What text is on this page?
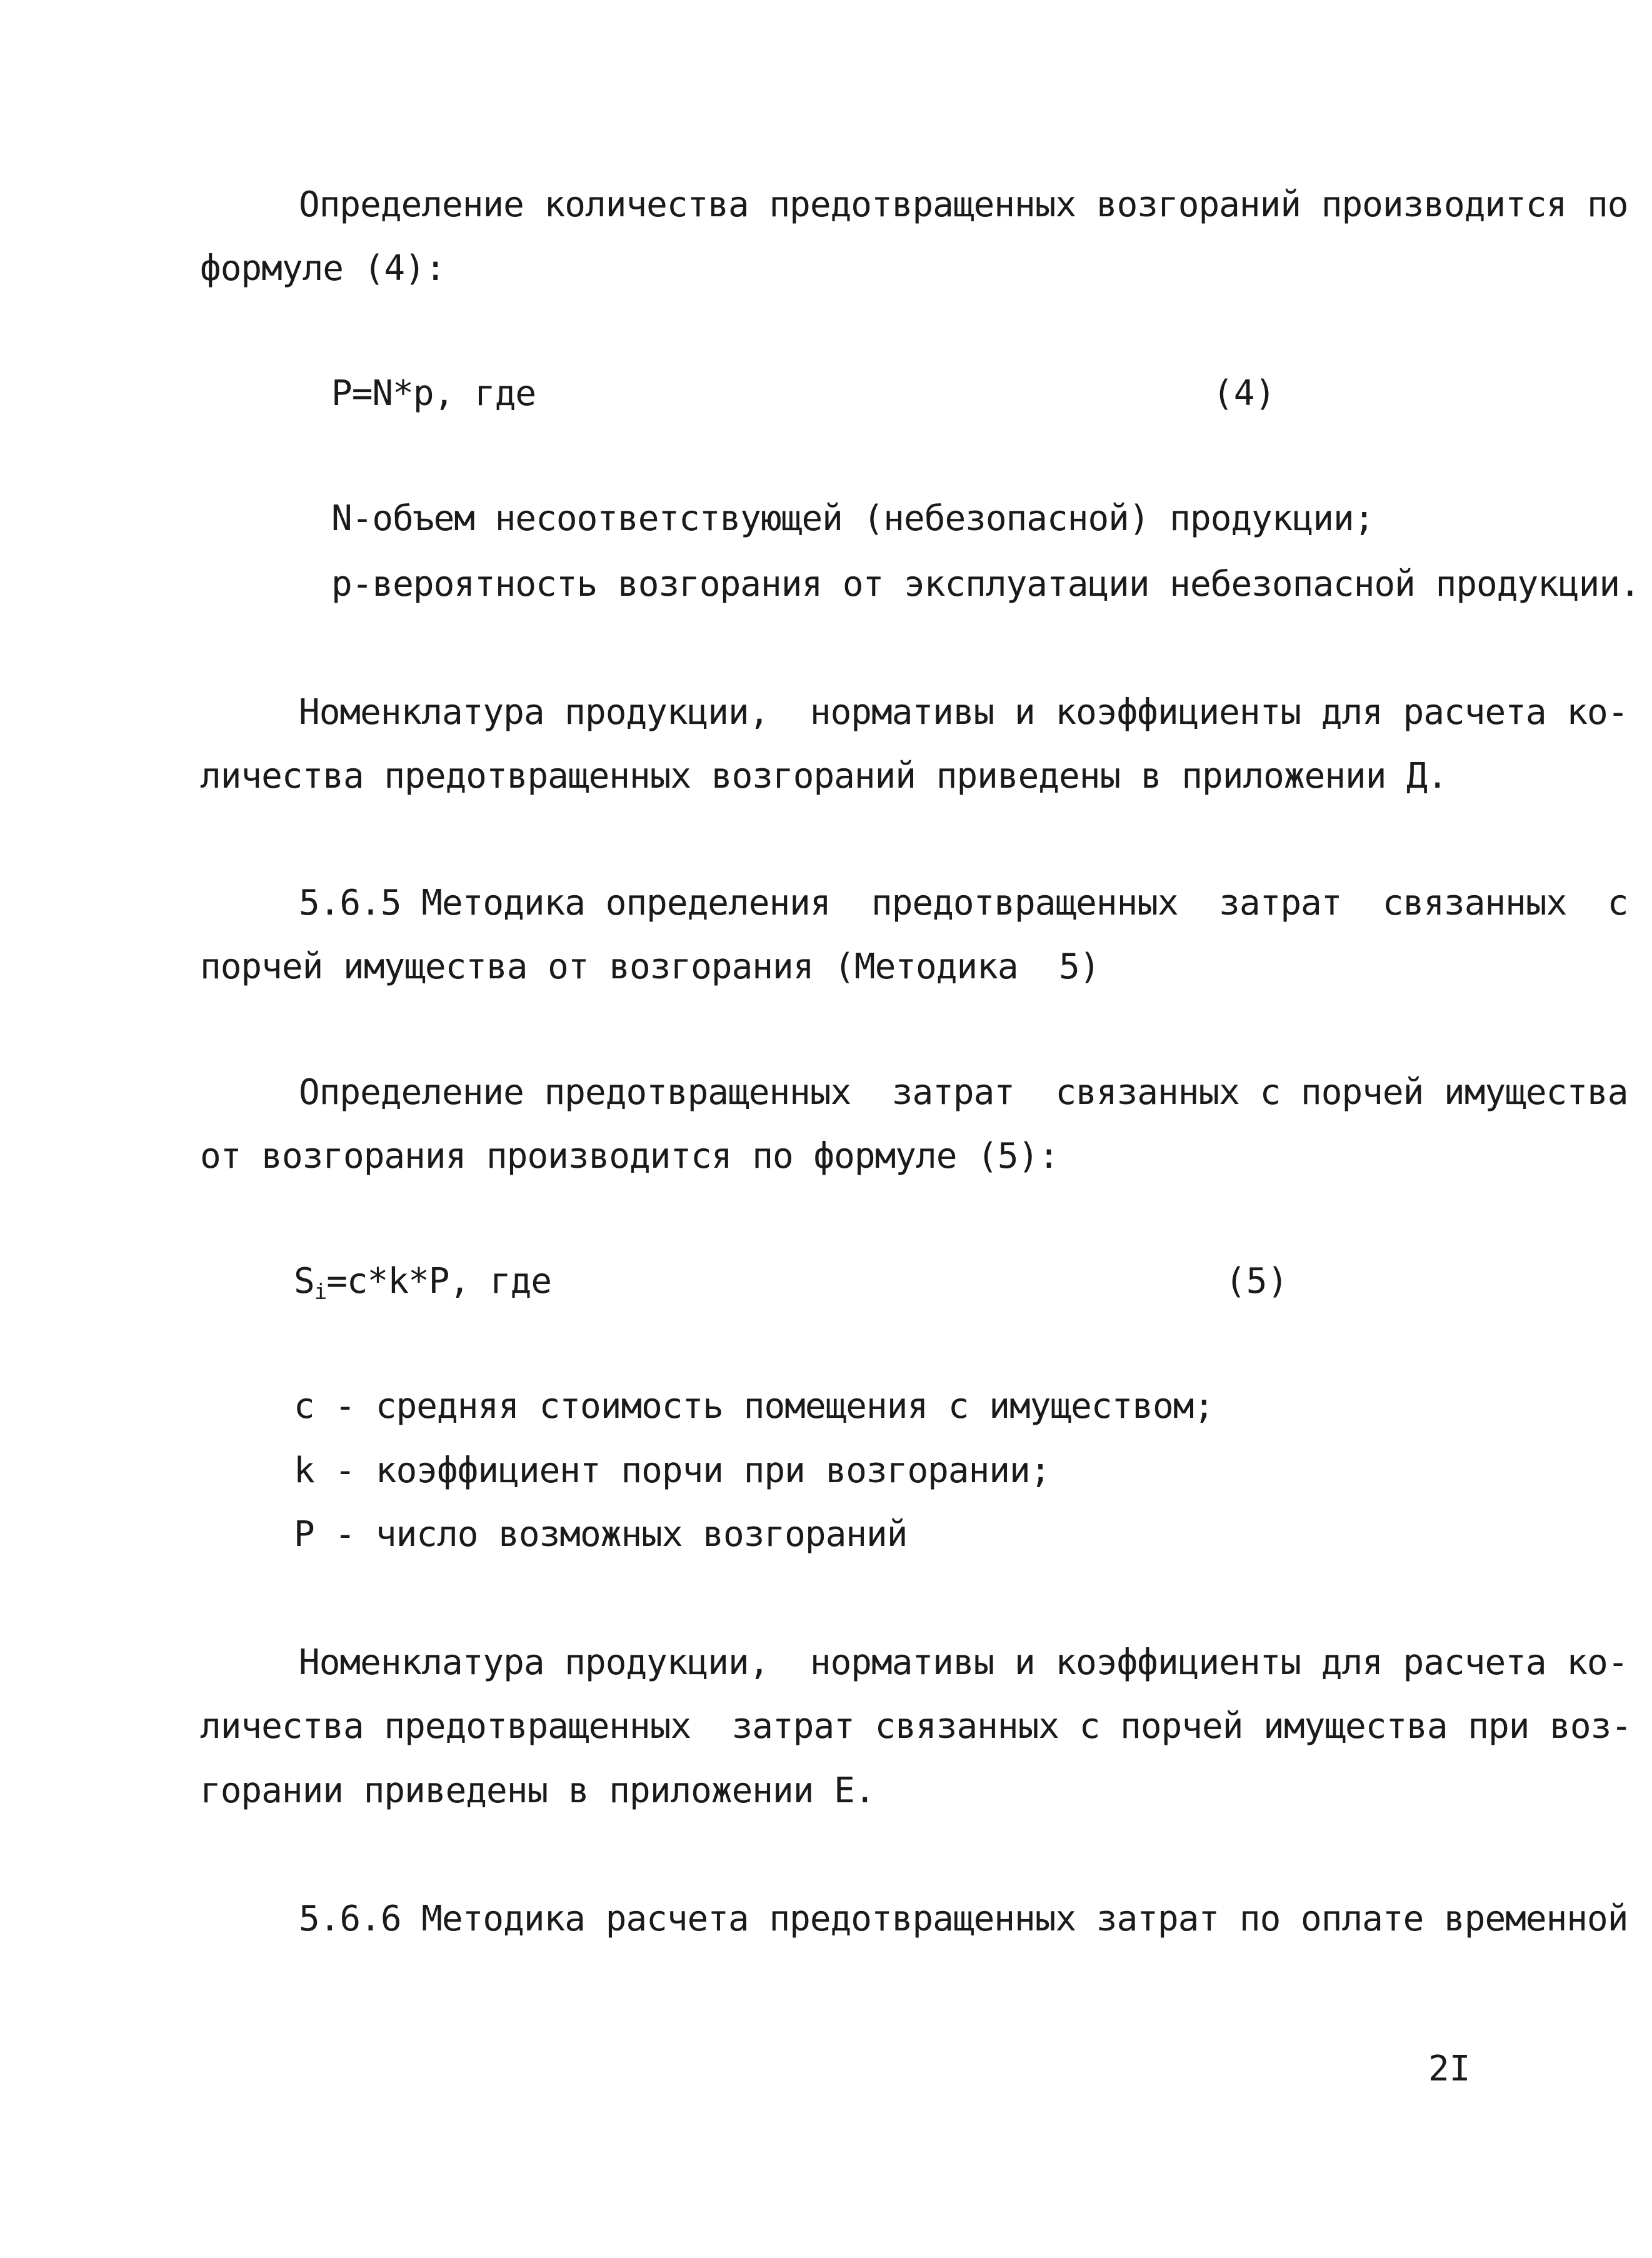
Определение количества предотвращенных возгораний производится по
формуле (4):
P=N*p, где	(4)
N-объем несоответствующей (небезопасной) продукции;
p-вероятность возгорания от эксплуатации небезопасной продукции.
Номенклатура продукции,  нормативы и коэффициенты для расчета ко-
личества предотвращенных возгораний приведены в приложении Д.
5.6.5 Методика определения  предотвращенных  затрат  связанных  с
порчей имущества от возгорания (Методика  5)
Определение предотвращенных  затрат  связанных с порчей имущества
от возгорания производится по формуле (5):
$S_i=c*k*P$, где	(5)
c - средняя стоимость помещения с имуществом;
k - коэффициент порчи при возгорании;
P - число возможных возгораний
Номенклатура продукции,  нормативы и коэффициенты для расчета ко-
личества предотвращенных  затрат связанных с порчей имущества при воз-
горании приведены в приложении Е.
5.6.6 Методика расчета предотвращенных затрат по оплате временной
2I
